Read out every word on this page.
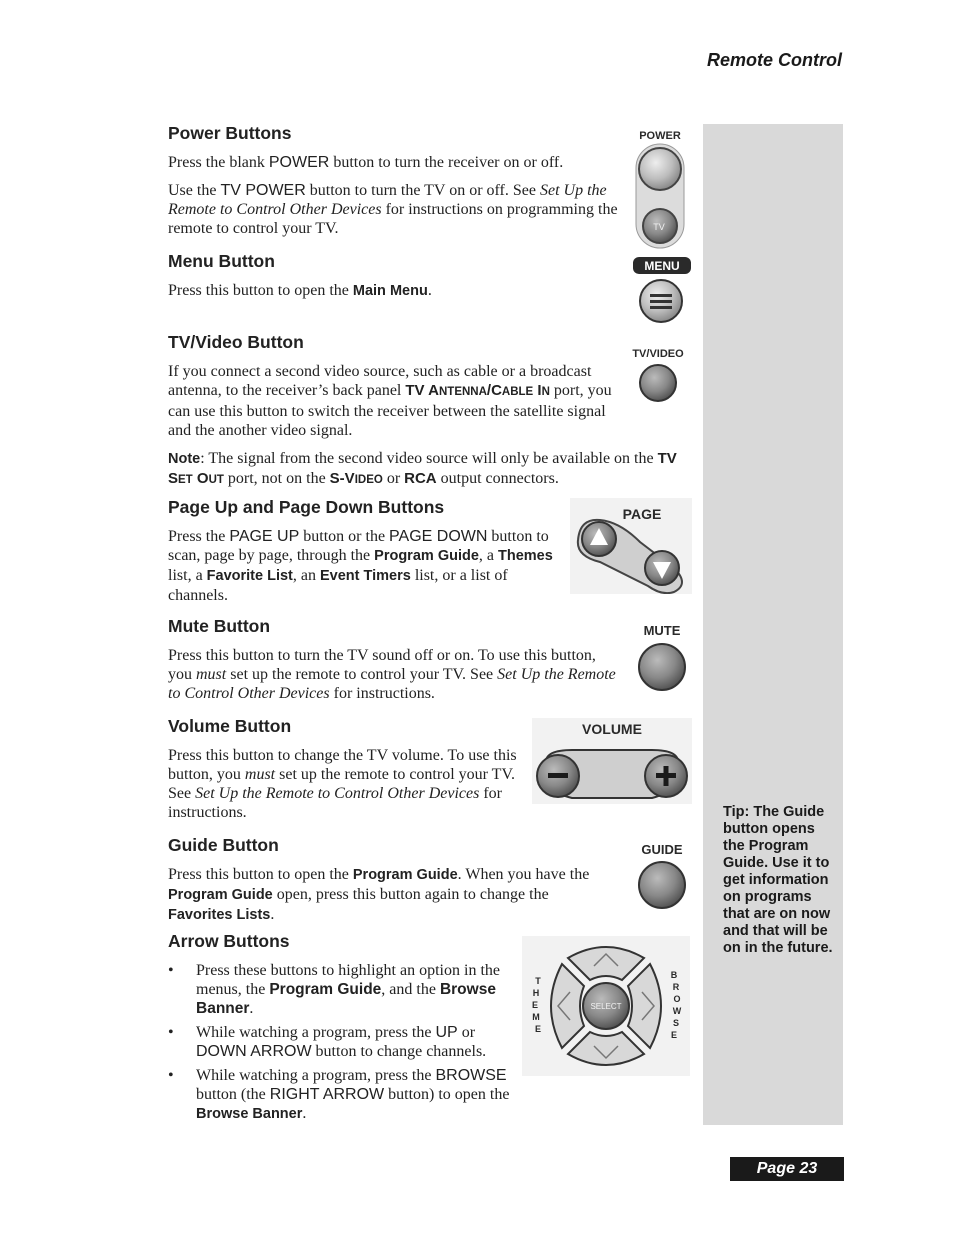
Remote Control
Tip: The Guide button opens the Program Guide. Use it to get information on programs that are on now and that will be on in the future.
Power Buttons

Press the blank POWER button to turn the receiver on or off.

Use the TV POWER button to turn the TV on or off. See Set Up the Remote to Control Other Devices for instructions on programming the remote to control your TV.

POWER
TV
Menu Button

Press this button to open the Main Menu.

MENU
TV/Video Button

If you connect a second video source, such as cable or a broadcast antenna, to the receiver’s back panel TV ANTENNA/CABLE IN port, you can use this button to switch the receiver between the satellite signal and the another video signal.

Note: The signal from the second video source will only be available on the TV SET OUT port, not on the S-VIDEO or RCA output connectors.

TV/VIDEO
Page Up and Page Down Buttons

Press the PAGE UP button or the PAGE DOWN button to scan, page by page, through the Program Guide, a Themes list, a Favorite List, an Event Timers list, or a list of channels.

PAGE
Mute Button

Press this button to turn the TV sound off or on. To use this button, you must set up the remote to control your TV. See Set Up the Remote to Control Other Devices for instructions.

MUTE
Volume Button

Press this button to change the TV volume. To use this button, you must set up the remote to control your TV. See Set Up the Remote to Control Other Devices for instructions.

VOLUME
Guide Button

Press this button to open the Program Guide. When you have the Program Guide open, press this button again to change the Favorites Lists.

GUIDE
Arrow Buttons
• Press these buttons to highlight an option in the menus, the Program Guide, and the Browse Banner.
• While watching a program, press the UP or DOWN ARROW button to change channels.
• While watching a program, press the BROWSE button (the RIGHT ARROW button) to open the Browse Banner.
SELECT
T
H
E
M
E
B
R
O
W
S
E
Page 23
